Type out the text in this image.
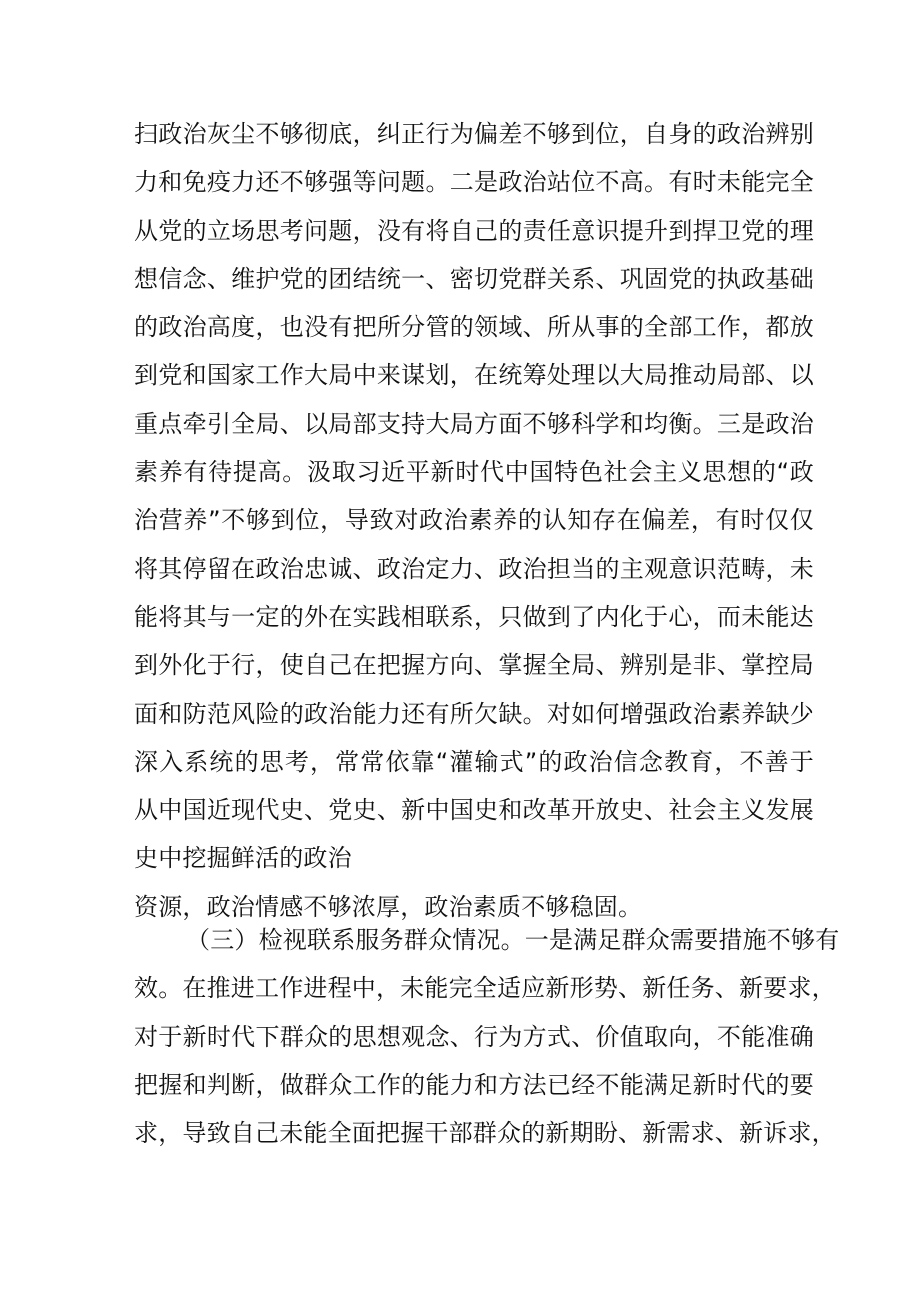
扫政治灰尘不够彻底，纠正行为偏差不够到位，自身的政治辨别
力和免疫力还不够强等问题。二是政治站位不高。有时未能完全
从党的立场思考问题，没有将自己的责任意识提升到捍卫党的理
想信念、维护党的团结统一、密切党群关系、巩固党的执政基础
的政治高度，也没有把所分管的领域、所从事的全部工作，都放
到党和国家工作大局中来谋划，在统筹处理以大局推动局部、以
重点牵引全局、以局部支持大局方面不够科学和均衡。三是政治
素养有待提高。汲取习近平新时代中国特色社会主义思想的“政
治营养”不够到位，导致对政治素养的认知存在偏差，有时仅仅
将其停留在政治忠诚、政治定力、政治担当的主观意识范畴，未
能将其与一定的外在实践相联系，只做到了内化于心，而未能达
到外化于行，使自己在把握方向、掌握全局、辨别是非、掌控局
面和防范风险的政治能力还有所欠缺。对如何增强政治素养缺少
深入系统的思考，常常依靠“灌输式”的政治信念教育，不善于
从中国近现代史、党史、新中国史和改革开放史、社会主义发展
史中挖掘鲜活的政治
资源，政治情感不够浓厚，政治素质不够稳固。
（三）检视联系服务群众情况。一是满足群众需要措施不够有
效。在推进工作进程中，未能完全适应新形势、新任务、新要求，
对于新时代下群众的思想观念、行为方式、价值取向，不能准确
把握和判断，做群众工作的能力和方法已经不能满足新时代的要
求，导致自己未能全面把握干部群众的新期盼、新需求、新诉求，
